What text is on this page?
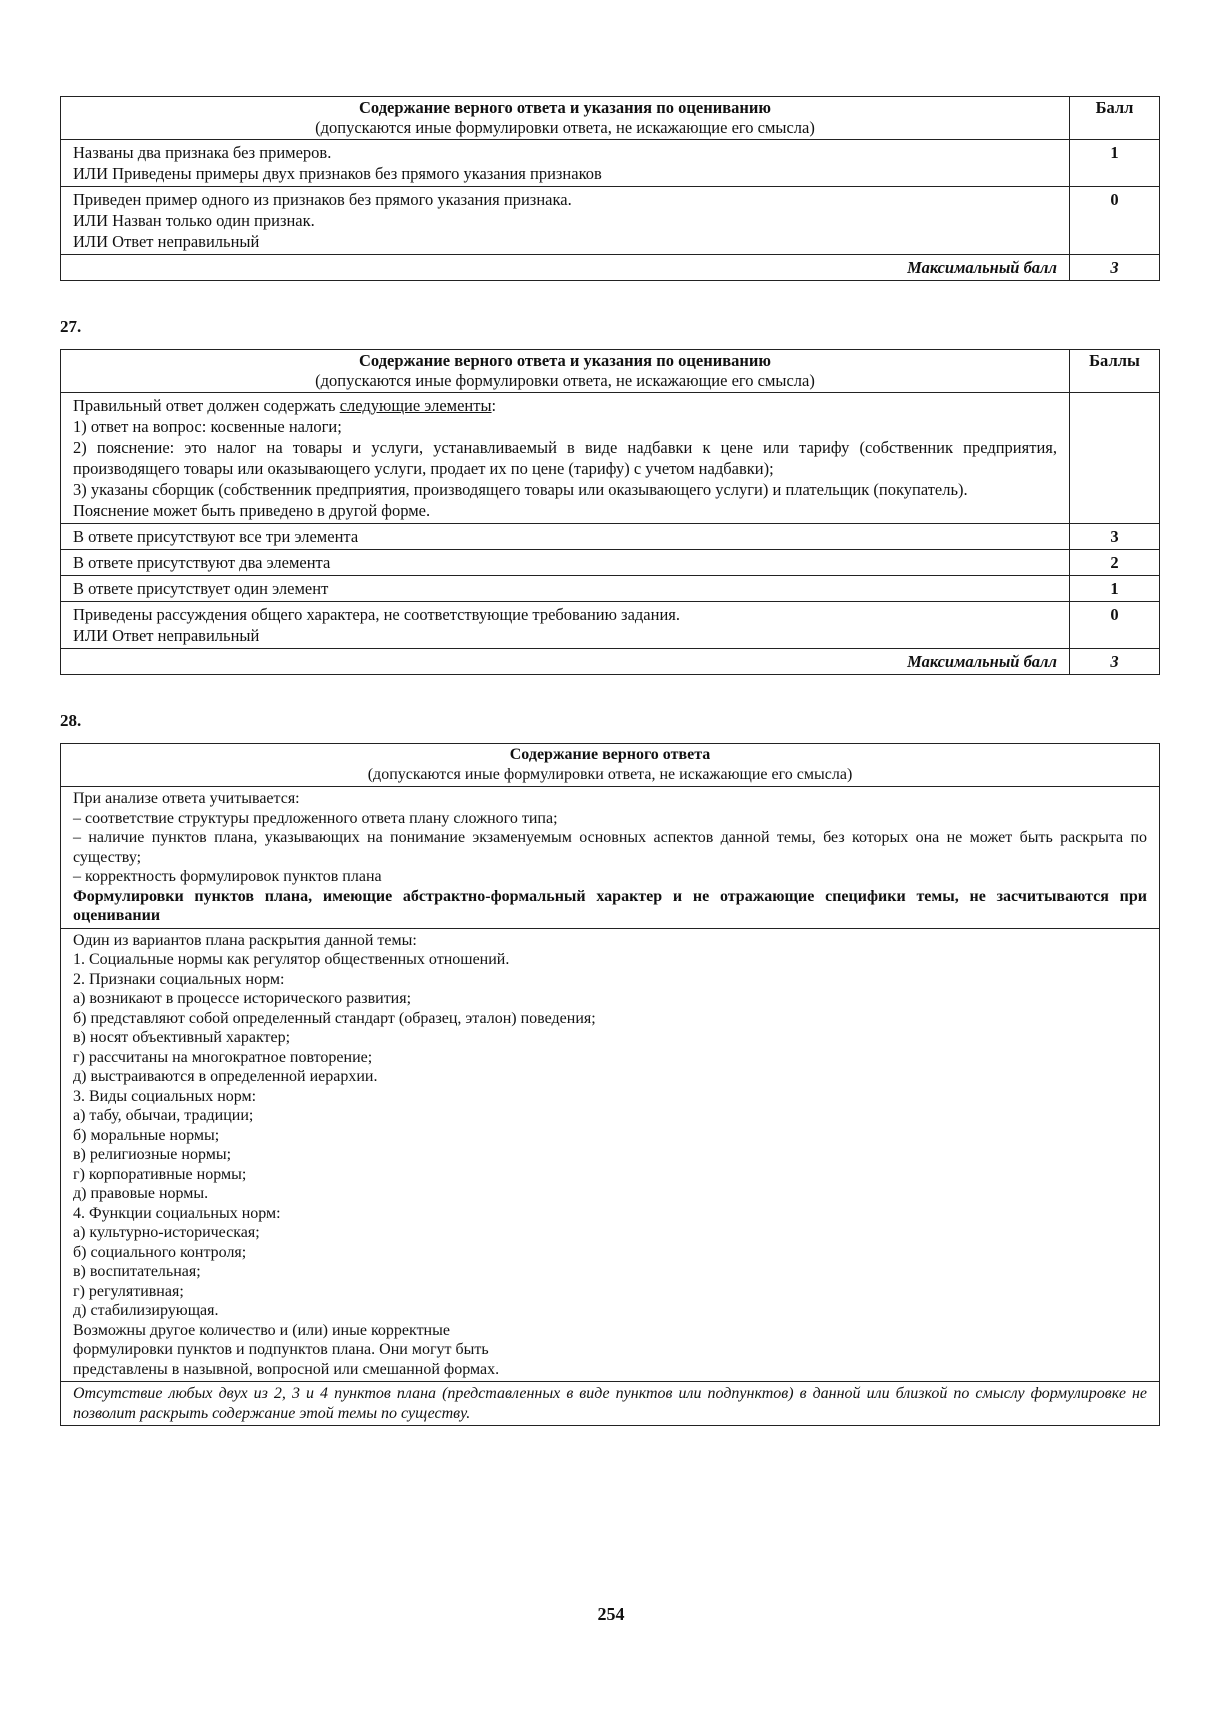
Содержание верного ответа и указания по оцениванию
(допускаются иные формулировки ответа, не искажающие его смысла)	Балл

Названы два признака без примеров.
ИЛИ Приведены примеры двух признаков без прямого указания признаков	1

Приведен пример одного из признаков без прямого указания признака.
ИЛИ Назван только один признак.
ИЛИ Ответ неправильный	0
Максимальный балл	3
27.
Содержание верного ответа и указания по оцениванию
(допускаются иные формулировки ответа, не искажающие его смысла)	Баллы

Правильный ответ должен содержать следующие элементы:
1) ответ на вопрос: косвенные налоги;
2) пояснение: это налог на товары и услуги, устанавливаемый в виде надбавки к цене или тарифу (собственник предприятия, производящего товары или оказывающего услуги, продает их по цене (тарифу) с учетом надбавки);
3) указаны сборщик (собственник предприятия, производящего товары или оказывающего услуги) и плательщик (покупатель).
Пояснение может быть приведено в другой форме.	

В ответе присутствуют все три элемента	3

В ответе присутствуют два элемента	2

В ответе присутствует один элемент	1

Приведены рассуждения общего характера, не соответствующие требованию задания.
ИЛИ Ответ неправильный	0
Максимальный балл	3
28.
Содержание верного ответа
(допускаются иные формулировки ответа, не искажающие его смысла)

При анализе ответа учитывается:
– соответствие структуры предложенного ответа плану сложного типа;
– наличие пунктов плана, указывающих на понимание экзаменуемым основных аспектов данной темы, без которых она не может быть раскрыта по существу;
– корректность формулировок пунктов плана
Формулировки пунктов плана, имеющие абстрактно-формальный характер и не отражающие специфики темы, не засчитываются при оценивании

Один из вариантов плана раскрытия данной темы:
1. Социальные нормы как регулятор общественных отношений.
2. Признаки социальных норм:
а) возникают в процессе исторического развития;
б) представляют собой определенный стандарт (образец, эталон) поведения;
в) носят объективный характер;
г) рассчитаны на многократное повторение;
д) выстраиваются в определенной иерархии.
3. Виды социальных норм:
а) табу, обычаи, традиции;
б) моральные нормы;
в) религиозные нормы;
г) корпоративные нормы;
д) правовые нормы.
4. Функции социальных норм:
а) культурно-историческая;
б) социального контроля;
в) воспитательная;
г) регулятивная;
д) стабилизирующая.
Возможны другое количество и (или) иные корректные
формулировки пунктов и подпунктов плана. Они могут быть
представлены в назывной, вопросной или смешанной формах.

Отсутствие любых двух из 2, 3 и 4 пунктов плана (представленных в виде пунктов или подпунктов) в данной или близкой по смыслу формулировке не позволит раскрыть содержание этой темы по существу.
254
